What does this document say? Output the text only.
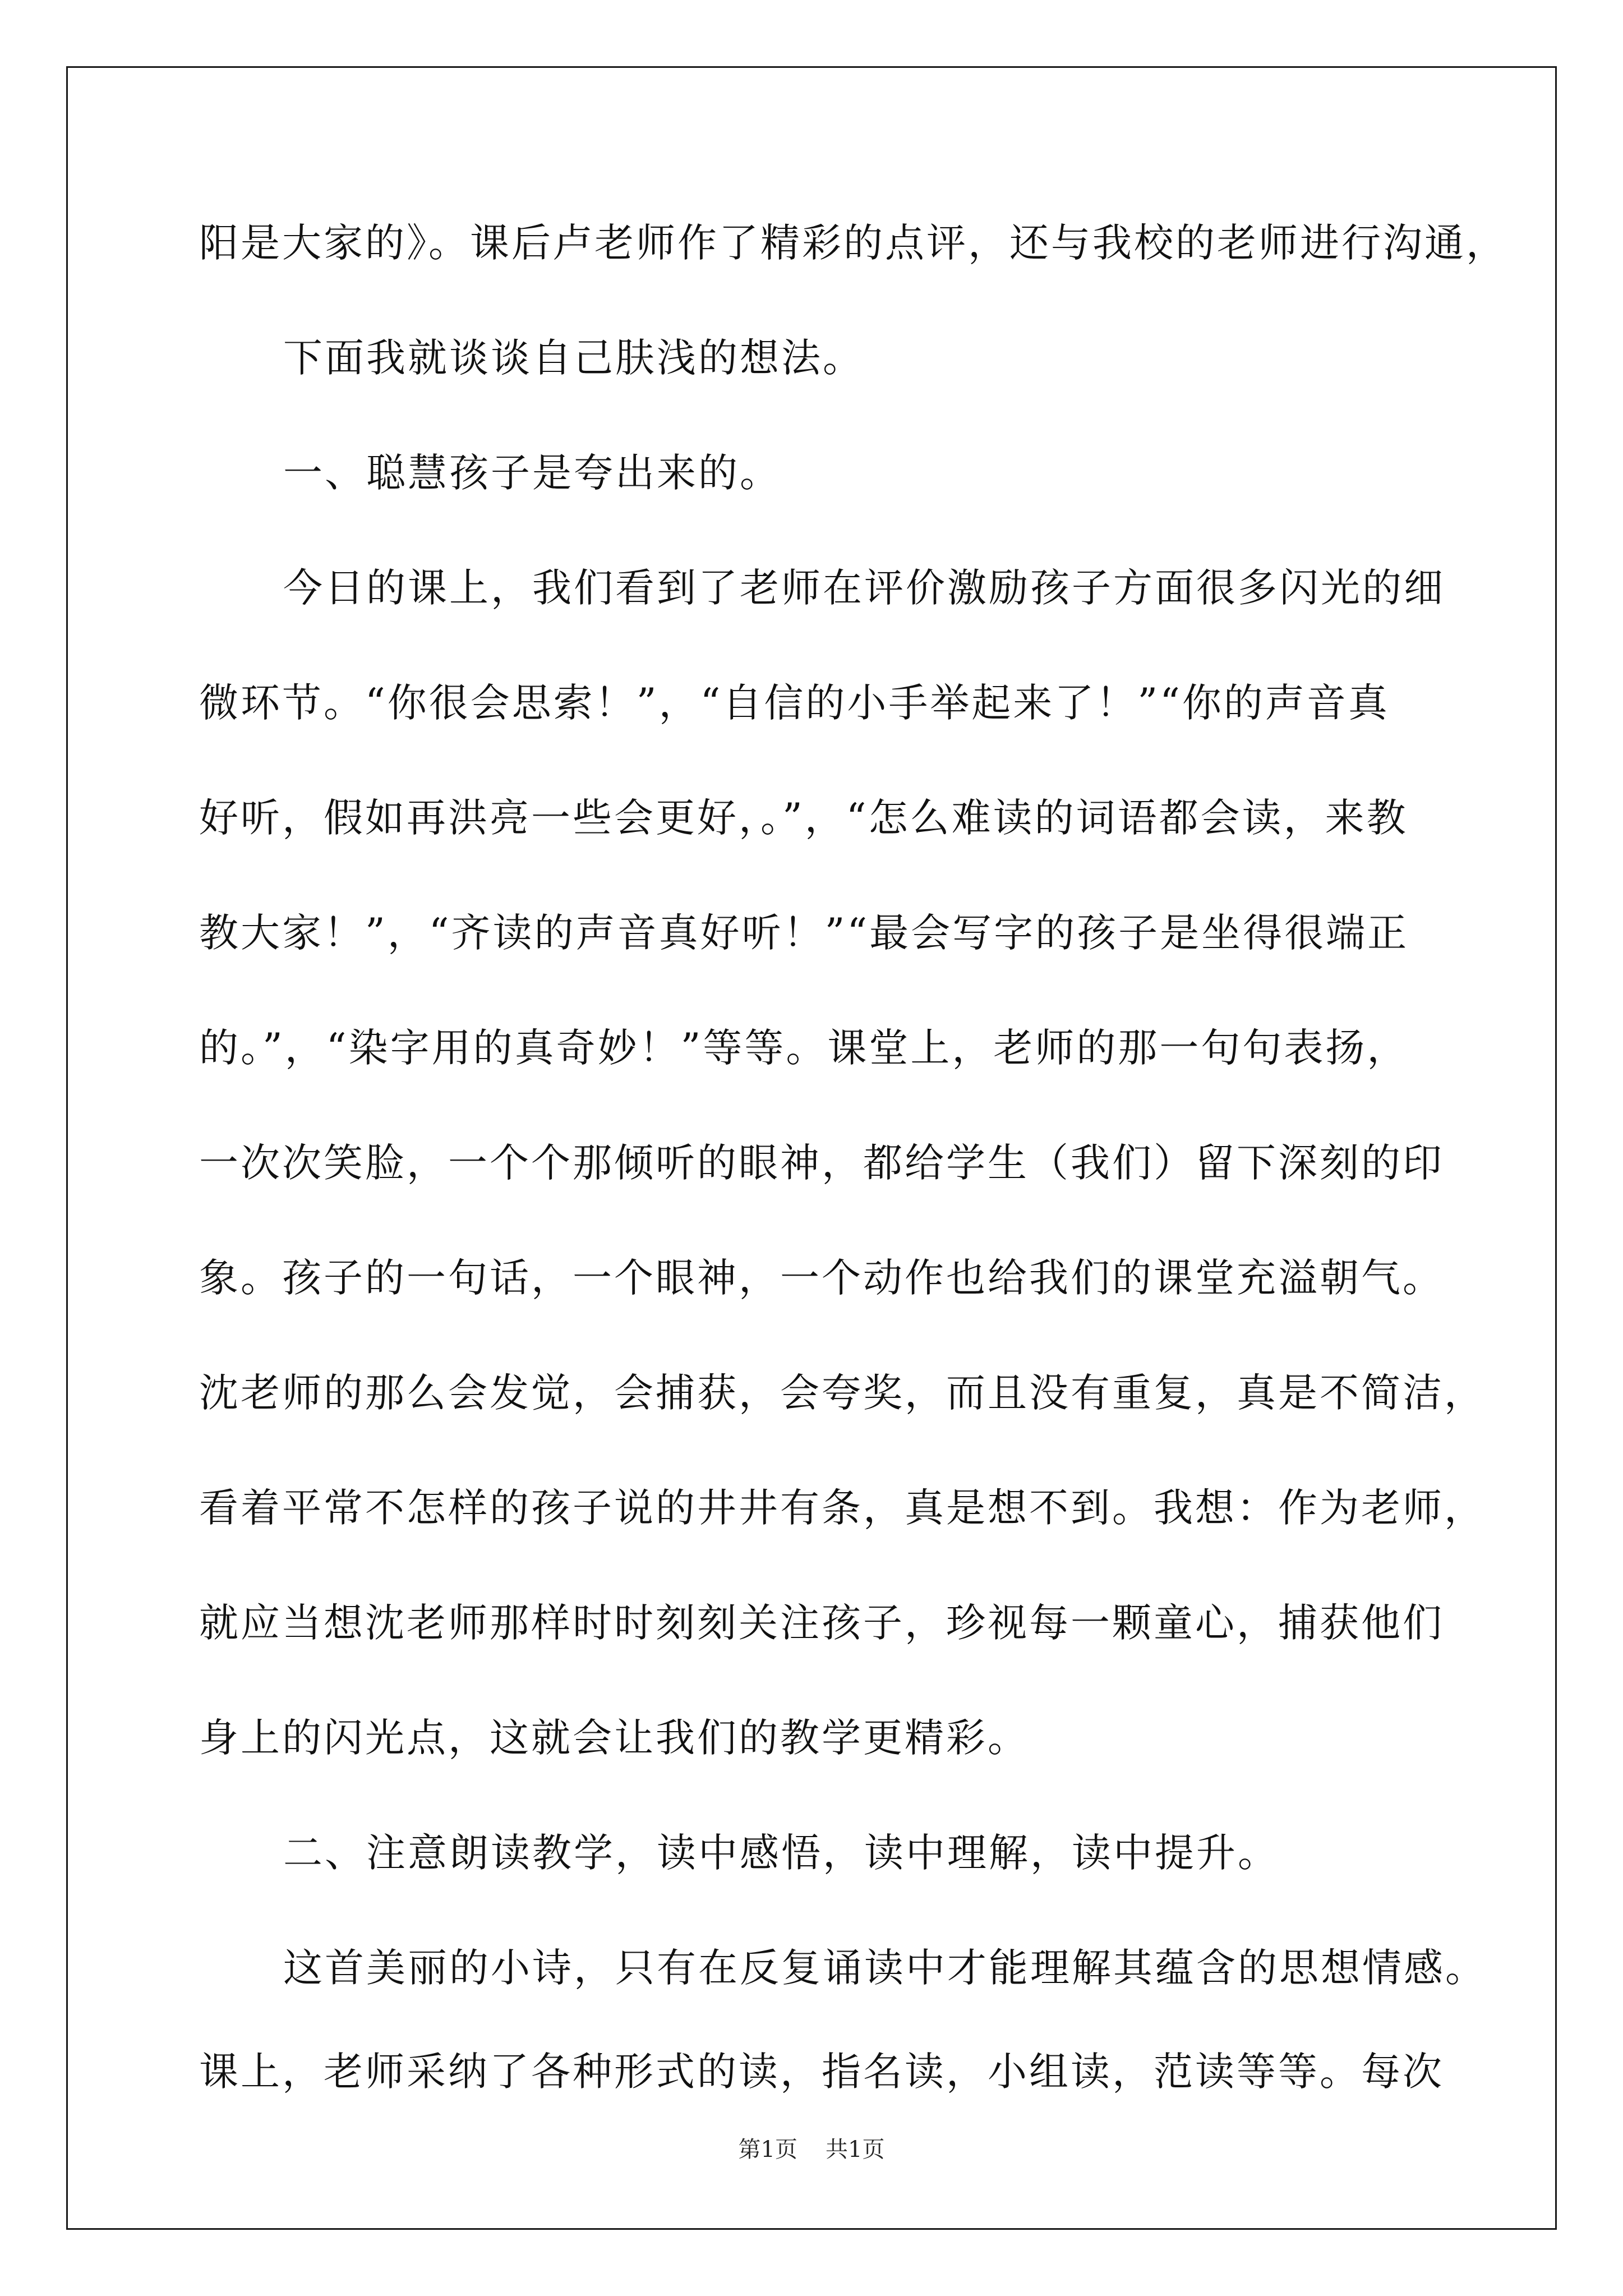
阳是大家的》。课后卢老师作了精彩的点评，还与我校的老师进行沟通，
下面我就谈谈自己肤浅的想法。
一、聪慧孩子是夸出来的。
今日的课上，我们看到了老师在评价激励孩子方面很多闪光的细
微环节。“你很会思索！”，“自信的小手举起来了！”“你的声音真
好听，假如再洪亮一些会更好，。”，“怎么难读的词语都会读，来教
教大家！”，“齐读的声音真好听！”“最会写字的孩子是坐得很端正
的。”，“染字用的真奇妙！”等等。课堂上，老师的那一句句表扬，
一次次笑脸，一个个那倾听的眼神，都给学生（我们）留下深刻的印
象。孩子的一句话，一个眼神，一个动作也给我们的课堂充溢朝气。
沈老师的那么会发觉，会捕获，会夸奖，而且没有重复，真是不简洁，
看着平常不怎样的孩子说的井井有条，真是想不到。我想：作为老师，
就应当想沈老师那样时时刻刻关注孩子，珍视每一颗童心，捕获他们
身上的闪光点，这就会让我们的教学更精彩。
二、注意朗读教学，读中感悟，读中理解，读中提升。
这首美丽的小诗，只有在反复诵读中才能理解其蕴含的思想情感。
课上，老师采纳了各种形式的读，指名读，小组读，范读等等。每次
第1页 共1页
